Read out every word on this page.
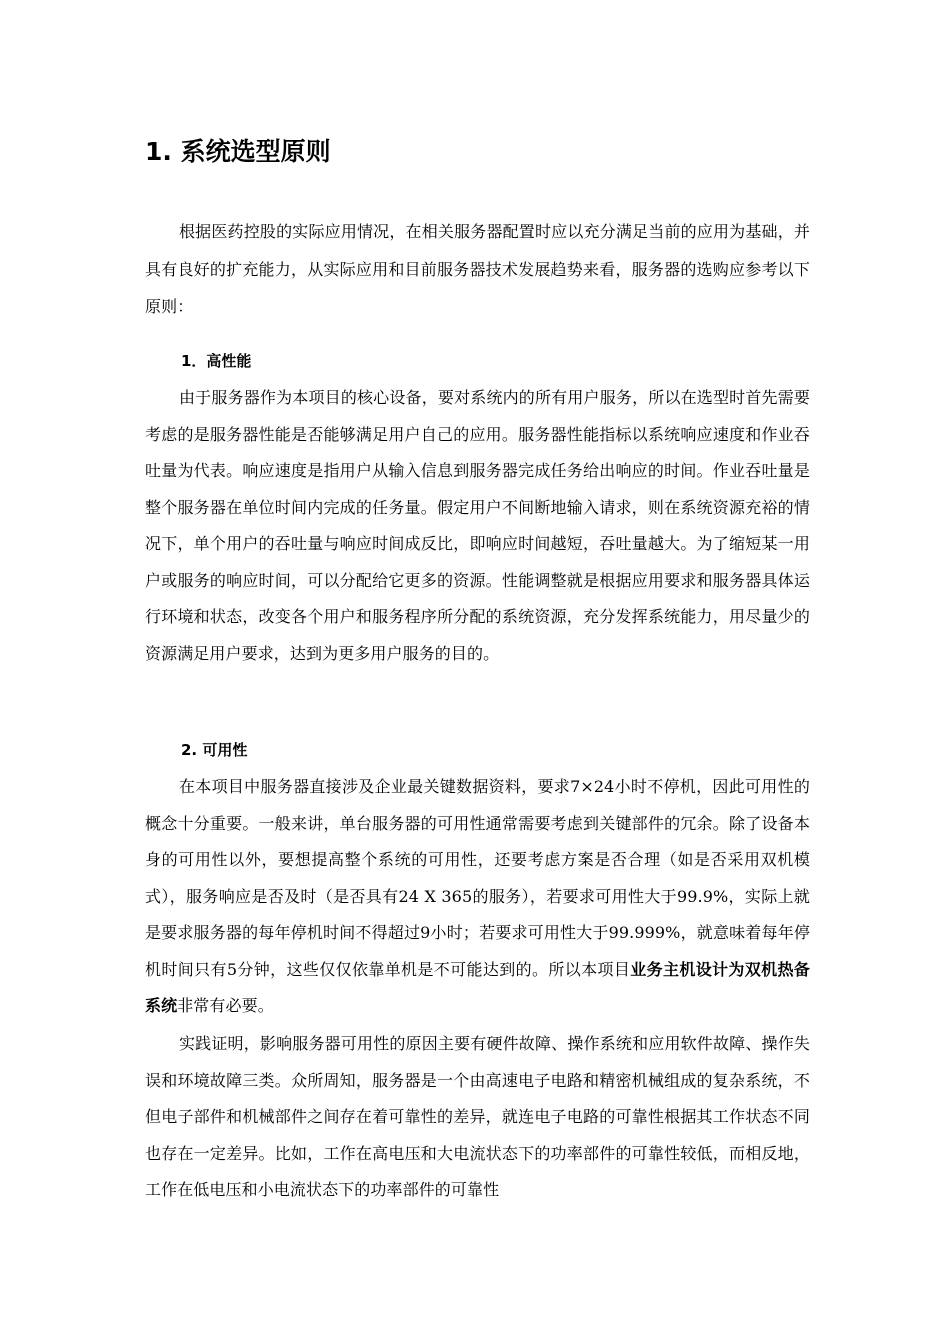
1. 系统选型原则

根据医药控股的实际应用情况，在相关服务器配置时应以充分满足当前的应用为基础，并具有良好的扩充能力，从实际应用和目前服务器技术发展趋势来看，服务器的选购应参考以下原则：

1．高性能

由于服务器作为本项目的核心设备，要对系统内的所有用户服务，所以在选型时首先需要考虑的是服务器性能是否能够满足用户自己的应用。服务器性能指标以系统响应速度和作业吞吐量为代表。响应速度是指用户从输入信息到服务器完成任务给出响应的时间。作业吞吐量是整个服务器在单位时间内完成的任务量。假定用户不间断地输入请求，则在系统资源充裕的情况下，单个用户的吞吐量与响应时间成反比，即响应时间越短，吞吐量越大。为了缩短某一用户或服务的响应时间，可以分配给它更多的资源。性能调整就是根据应用要求和服务器具体运行环境和状态，改变各个用户和服务程序所分配的系统资源，充分发挥系统能力，用尽量少的资源满足用户要求，达到为更多用户服务的目的。

2. 可用性

在本项目中服务器直接涉及企业最关键数据资料，要求7×24小时不停机，因此可用性的概念十分重要。一般来讲，单台服务器的可用性通常需要考虑到关键部件的冗余。除了设备本身的可用性以外，要想提高整个系统的可用性，还要考虑方案是否合理（如是否采用双机模式），服务响应是否及时（是否具有24 X 365的服务），若要求可用性大于99.9%，实际上就是要求服务器的每年停机时间不得超过9小时；若要求可用性大于99.999%，就意味着每年停机时间只有5分钟，这些仅仅依靠单机是不可能达到的。所以本项目业务主机设计为双机热备系统非常有必要。

实践证明，影响服务器可用性的原因主要有硬件故障、操作系统和应用软件故障、操作失误和环境故障三类。众所周知，服务器是一个由高速电子电路和精密机械组成的复杂系统，不但电子部件和机械部件之间存在着可靠性的差异，就连电子电路的可靠性根据其工作状态不同也存在一定差异。比如，工作在高电压和大电流状态下的功率部件的可靠性较低，而相反地，工作在低电压和小电流状态下的功率部件的可靠性
